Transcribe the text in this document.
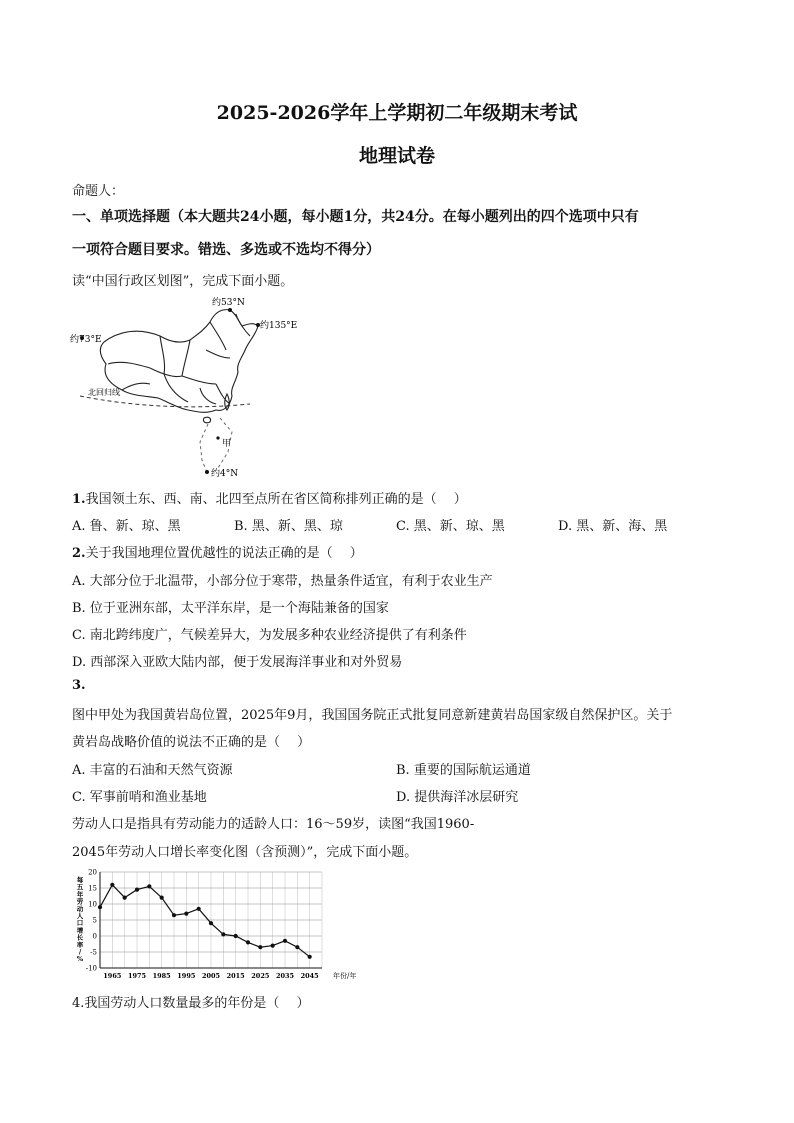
2025-2026学年上学期初二年级期末考试
地理试卷
命题人：
一、单项选择题（本大题共24小题，每小题1分，共24分。在每小题列出的四个选项中只有
一项符合题目要求。错选、多选或不选均不得分）
读“中国行政区划图”，完成下面小题。
约53°N
约135°E
约73°E
约4°N
北回归线
甲
1.我国领土东、西、南、北四至点所在省区简称排列正确的是（　 ）
A. 鲁、新、琼、黑	B. 黑、新、黑、琼	C. 黑、新、琼、黑	D. 黑、新、海、黑
2.关于我国地理位置优越性的说法正确的是（　 ）
A. 大部分位于北温带，小部分位于寒带，热量条件适宜，有利于农业生产
B. 位于亚洲东部，太平洋东岸，是一个海陆兼备的国家
C. 南北跨纬度广，气候差异大，为发展多种农业经济提供了有利条件
D. 西部深入亚欧大陆内部，便于发展海洋事业和对外贸易
3.
图中甲处为我国黄岩岛位置，2025年9月，我国国务院正式批复同意新建黄岩岛国家级自然保护区。关于
黄岩岛战略价值的说法不正确的是（　 ）
A. 丰富的石油和天然气资源	B. 重要的国际航运通道
C. 军事前哨和渔业基地	D. 提供海洋冰层研究
劳动人口是指具有劳动能力的适龄人口：16～59岁，读图“我国1960-
2045年劳动人口增长率变化图（含预测）”，完成下面小题。
20
15
10
5
0
-5
-10
1965 1975 1985 1995 2005 2015 2025 2035 2045 年份/年
每
五
年
劳
动
人
口
增
长
率
/
%
4.我国劳动人口数量最多的年份是（　 ）
